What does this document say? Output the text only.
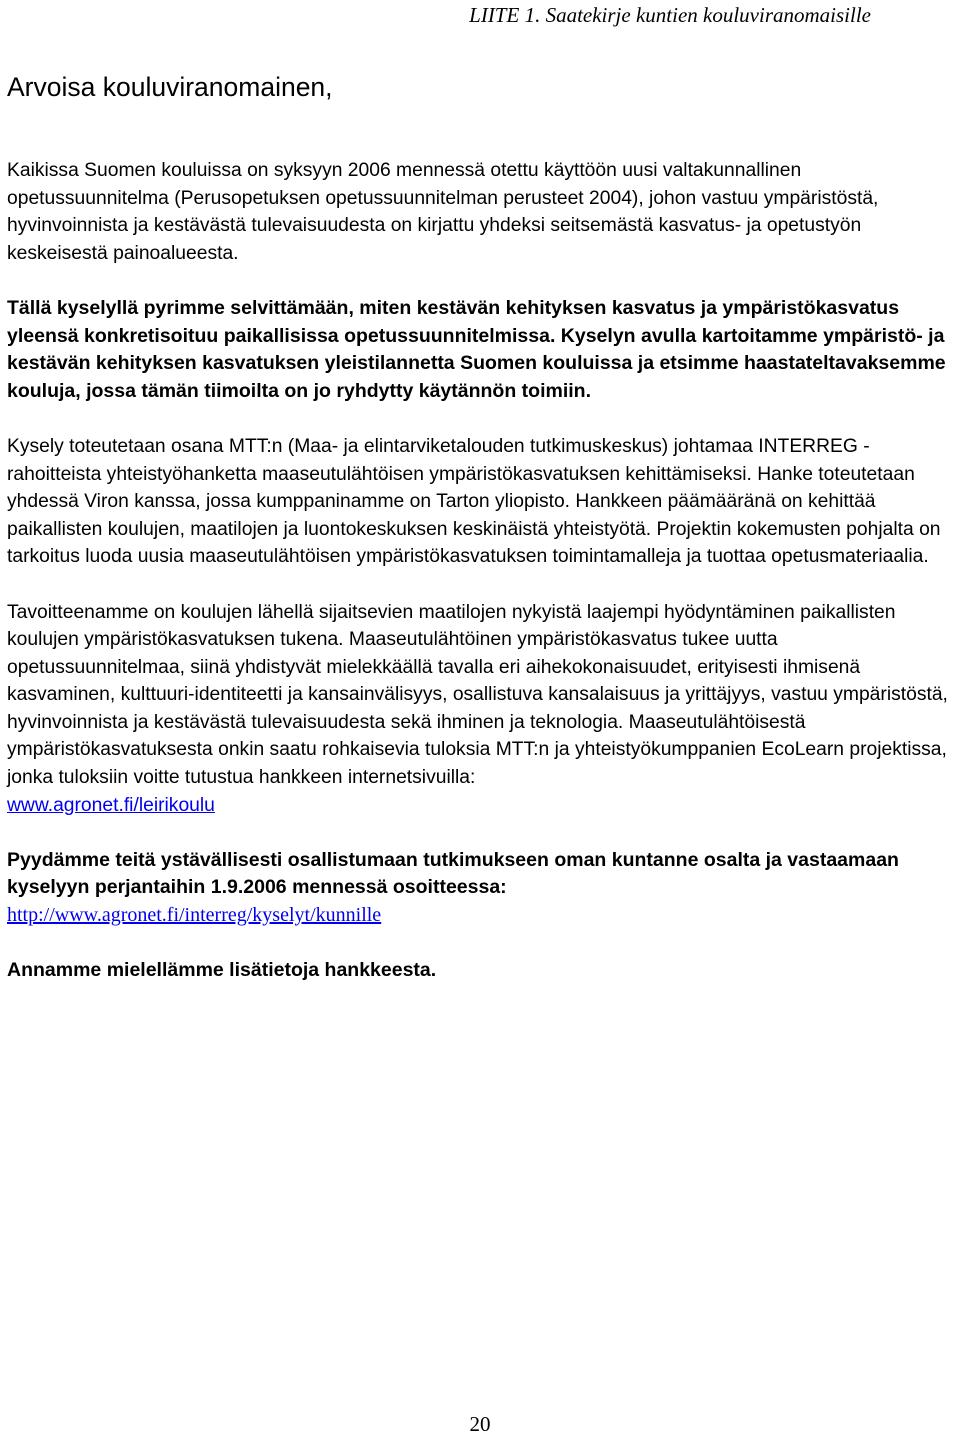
LIITE 1. Saatekirje kuntien kouluviranomaisille
Arvoisa kouluviranomainen,

Kaikissa Suomen kouluissa on syksyyn 2006 mennessä otettu käyttöön uusi valtakunnallinen opetussuunnitelma (Perusopetuksen opetussuunnitelman perusteet 2004), johon vastuu ympäristöstä, hyvinvoinnista ja kestävästä tulevaisuudesta on kirjattu yhdeksi seitsemästä kasvatus- ja opetustyön keskeisestä painoalueesta.

Tällä kyselyllä pyrimme selvittämään, miten kestävän kehityksen kasvatus ja ympäristökasvatus yleensä konkretisoituu paikallisissa opetussuunnitelmissa. Kyselyn avulla kartoitamme ympäristö- ja kestävän kehityksen kasvatuksen yleistilannetta Suomen kouluissa ja etsimme haastateltavaksemme kouluja, jossa tämän tiimoilta on jo ryhdytty käytännön toimiin.

Kysely toteutetaan osana MTT:n (Maa- ja elintarviketalouden tutkimuskeskus) johtamaa INTERREG -rahoitteista yhteistyöhanketta maaseutulähtöisen ympäristökasvatuksen kehittämiseksi. Hanke toteutetaan yhdessä Viron kanssa, jossa kumppaninamme on Tarton yliopisto. Hankkeen päämääränä on kehittää paikallisten koulujen, maatilojen ja luontokeskuksen keskinäistä yhteistyötä. Projektin kokemusten pohjalta on tarkoitus luoda uusia maaseutulähtöisen ympäristökasvatuksen toimintamalleja ja tuottaa opetusmateriaalia.

Tavoitteenamme on koulujen lähellä sijaitsevien maatilojen nykyistä laajempi hyödyntäminen paikallisten koulujen ympäristökasvatuksen tukena. Maaseutulähtöinen ympäristökasvatus tukee uutta opetussuunnitelmaa, siinä yhdistyvät mielekkäällä tavalla eri aihekokonaisuudet, erityisesti ihmisenä kasvaminen, kulttuuri-identiteetti ja kansainvälisyys, osallistuva kansalaisuus ja yrittäjyys, vastuu ympäristöstä, hyvinvoinnista ja kestävästä tulevaisuudesta sekä ihminen ja teknologia. Maaseutulähtöisestä ympäristökasvatuksesta onkin saatu rohkaisevia tuloksia MTT:n ja yhteistyökumppanien EcoLearn projektissa, jonka tuloksiin voitte tutustua hankkeen internetsivuilla:

www.agronet.fi/leirikoulu

Pyydämme teitä ystävällisesti osallistumaan tutkimukseen oman kuntanne osalta ja vastaamaan kyselyyn perjantaihin 1.9.2006 mennessä osoitteessa:

http://www.agronet.fi/interreg/kyselyt/kunnille

Annamme mielellämme lisätietoja hankkeesta.

20
